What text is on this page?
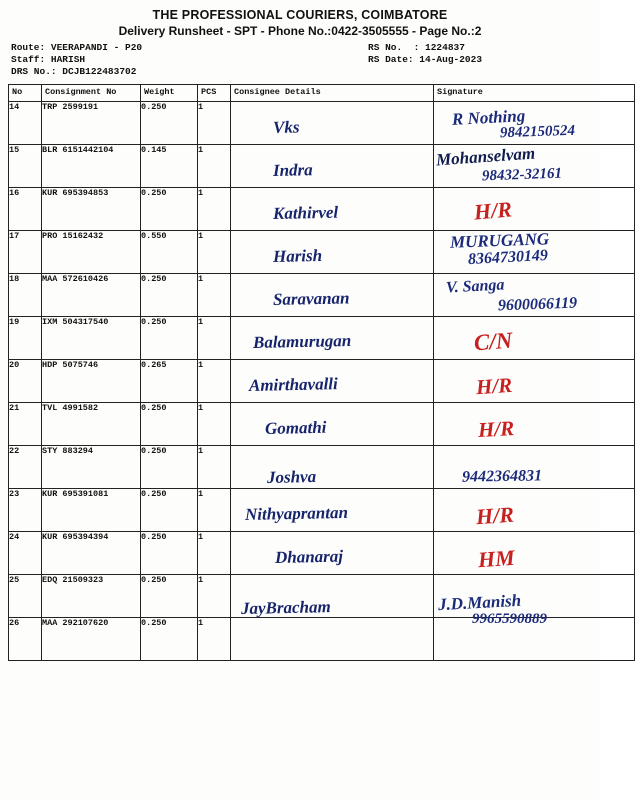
THE PROFESSIONAL COURIERS, COIMBATORE
Delivery Runsheet - SPT - Phone No.:0422-3505555 - Page No.:2
Route: VEERAPANDI - P20
Staff: HARISH
DRS No.: DCJB122483702
RS No.  : 1224837
RS Date: 14-Aug-2023
No	Consignment No	Weight	PCS	Consignee Details	Signature
14	TRP 2599191	0.250	1	Vks	R Nothing
9842150524

15	BLR 6151442104	0.145	1	Indra	Mohanselvam
98432-32161

16	KUR 695394853	0.250	1	Kathirvel	H/R

17	PRO 15162432	0.550	1	Harish	MURUGANG
8364730149

18	MAA 572610426	0.250	1	Saravanan	V. Sanga
9600066119

19	IXM 504317540	0.250	1	Balamurugan	C/N

20	HDP 5075746	0.265	1	Amirthavalli	H/R

21	TVL 4991582	0.250	1	Gomathi	H/R

22	STY 883294	0.250	1	Joshva	9442364831

23	KUR 695391081	0.250	1	Nithyaprantan	H/R

24	KUR 695394394	0.250	1	Dhanaraj	HM

25	EDQ 21509323	0.250	1	JayBracham	J.D.Manish
9965590889

26	MAA 292107620	0.250	1	
